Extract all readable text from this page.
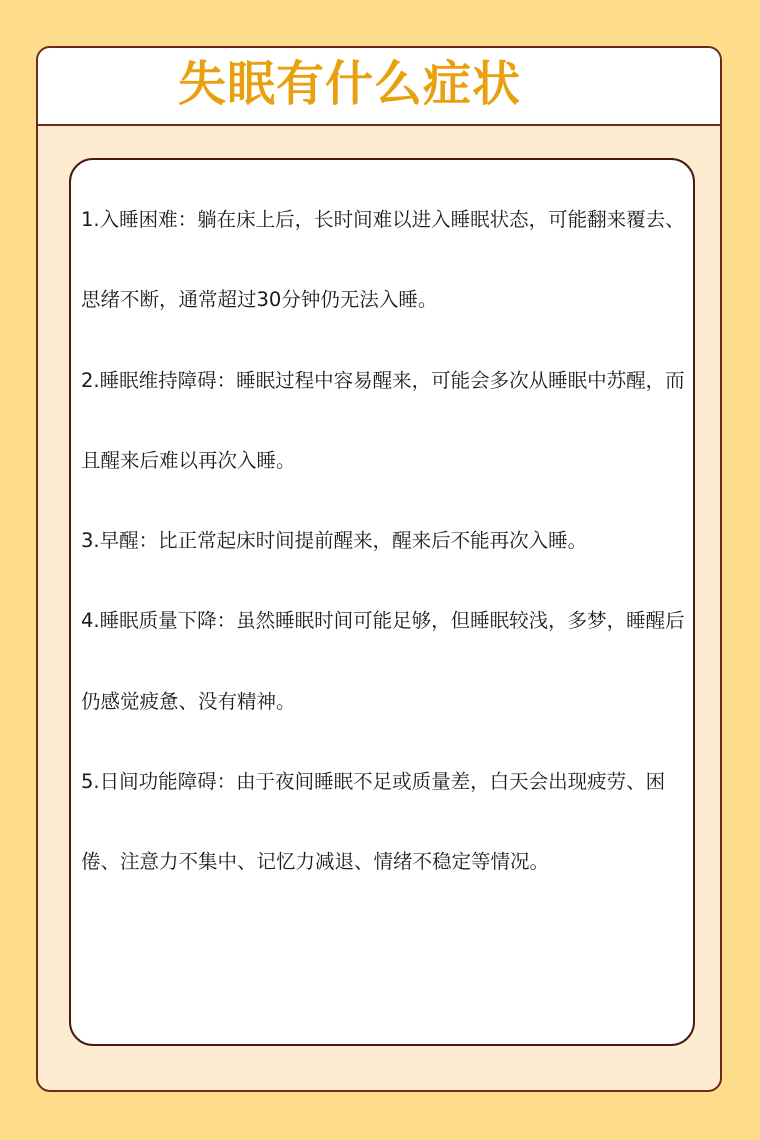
失眠有什么症状
1.入睡困难：躺在床上后，长时间难以进入睡眠状态，可能翻来覆去、思绪不断，通常超过30分钟仍无法入睡。
2.睡眠维持障碍：睡眠过程中容易醒来，可能会多次从睡眠中苏醒，而且醒来后难以再次入睡。
3.早醒：比正常起床时间提前醒来，醒来后不能再次入睡。
4.睡眠质量下降：虽然睡眠时间可能足够，但睡眠较浅，多梦，睡醒后仍感觉疲惫、没有精神。
5.日间功能障碍：由于夜间睡眠不足或质量差，白天会出现疲劳、困倦、注意力不集中、记忆力减退、情绪不稳定等情况。
